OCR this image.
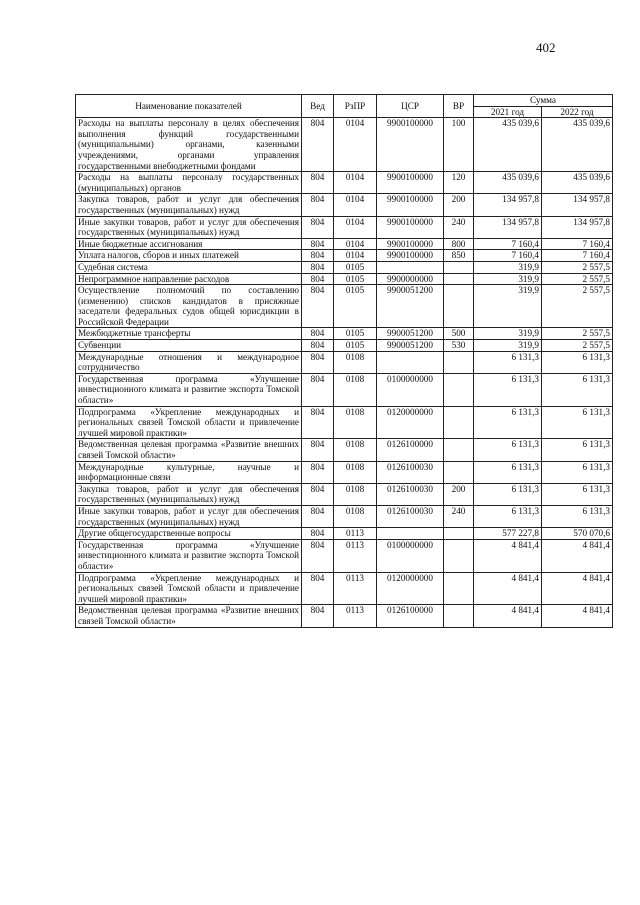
402
Наименование показателей	Вед	РзПР	ЦСР	ВР	Сумма	
					2021 год	2022 год
Расходы на выплаты персоналу в целях обеспечения выполнения функций государственными (муниципальными) органами, казенными учреждениями, органами управления государственными внебюджетными фондами	804	0104	9900100000	100	435 039,6	435 039,6
Расходы на выплаты персоналу государственных (муниципальных) органов	804	0104	9900100000	120	435 039,6	435 039,6
Закупка товаров, работ и услуг для обеспечения государственных (муниципальных) нужд	804	0104	9900100000	200	134 957,8	134 957,8
Иные закупки товаров, работ и услуг для обеспечения государственных (муниципальных) нужд	804	0104	9900100000	240	134 957,8	134 957,8
Иные бюджетные ассигнования	804	0104	9900100000	800	7 160,4	7 160,4
Уплата налогов, сборов и иных платежей	804	0104	9900100000	850	7 160,4	7 160,4
Судебная система	804	0105			319,9	2 557,5
Непрограммное направление расходов	804	0105	9900000000		319,9	2 557,5
Осуществление полномочий по составлению (изменению) списков кандидатов в присяжные заседатели федеральных судов общей юрисдикции в Российской Федерации	804	0105	9900051200		319,9	2 557,5
Межбюджетные трансферты	804	0105	9900051200	500	319,9	2 557,5
Субвенции	804	0105	9900051200	530	319,9	2 557,5
Международные отношения и международное сотрудничество	804	0108			6 131,3	6 131,3
Государственная программа «Улучшение инвестиционного климата и развитие экспорта Томской области»	804	0108	0100000000		6 131,3	6 131,3
Подпрограмма «Укрепление международных и региональных связей Томской области и привлечение лучшей мировой практики»	804	0108	0120000000		6 131,3	6 131,3
Ведомственная целевая программа «Развитие внешних связей Томской области»	804	0108	0126100000		6 131,3	6 131,3
Международные культурные, научные и информационные связи	804	0108	0126100030		6 131,3	6 131,3
Закупка товаров, работ и услуг для обеспечения государственных (муниципальных) нужд	804	0108	0126100030	200	6 131,3	6 131,3
Иные закупки товаров, работ и услуг для обеспечения государственных (муниципальных) нужд	804	0108	0126100030	240	6 131,3	6 131,3
Другие общегосударственные вопросы	804	0113			577 227,8	570 070,6
Государственная программа «Улучшение инвестиционного климата и развитие экспорта Томской области»	804	0113	0100000000		4 841,4	4 841,4
Подпрограмма «Укрепление международных и региональных связей Томской области и привлечение лучшей мировой практики»	804	0113	0120000000		4 841,4	4 841,4
Ведомственная целевая программа «Развитие внешних связей Томской области»	804	0113	0126100000		4 841,4	4 841,4
